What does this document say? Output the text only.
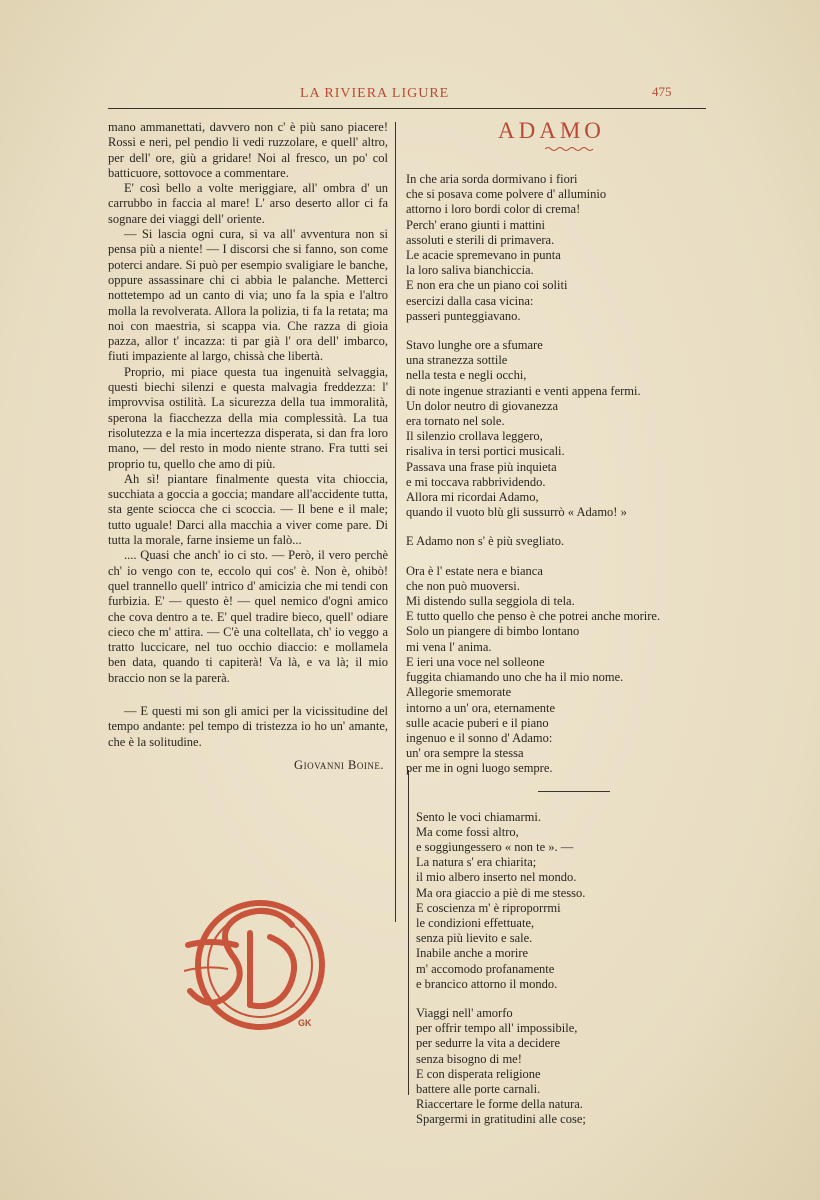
LA RIVIERA LIGURE	475

mano ammanettati, davvero non c' è più sano piacere! Rossi e neri, pel pendio li vedi ruzzolare, e quell' altro, per dell' ore, giù a gridare! Noi al fresco, un po' col batticuore, sottovoce a commentare.

E' così bello a volte meriggiare, all' ombra d' un carrubbo in faccia al mare! L' arso deserto allor ci fa sognare dei viaggi dell' oriente.

— Si lascia ogni cura, si va all' avventura non si pensa più a niente! — I discorsi che si fanno, son come poterci andare. Si può per esempio svaligiare le banche, oppure assassinare chi ci abbia le palanche. Metterci nottetempo ad un canto di via; uno fa la spia e l'altro molla la revolverata. Allora la polizia, ti fa la retata; ma noi con maestria, si scappa via. Che razza di gioia pazza, allor t' incazza: ti par già l' ora dell' imbarco, fiuti impaziente al largo, chissà che libertà.

Proprio, mi piace questa tua ingenuità selvaggia, questi biechi silenzi e questa malvagia freddezza: l' improvvisa ostilità. La sicurezza della tua immoralità, sperona la fiacchezza della mia complessità. La tua risolutezza e la mia incertezza disperata, si dan fra loro mano, — del resto in modo niente strano. Fra tutti sei proprio tu, quello che amo di più.

Ah sì! piantare finalmente questa vita chioccia, succhiata a goccia a goccia; mandare all'accidente tutta, sta gente sciocca che ci scoccia. — Il bene e il male; tutto uguale! Darci alla macchia a viver come pare. Di tutta la morale, farne insieme un falò...

.... Quasi che anch' io ci sto. — Però, il vero perchè ch' io vengo con te, eccolo qui cos' è. Non è, ohibò! quel trannello quell' intrico d' amicizia che mi tendi con furbizia. E' — questo è! — quel nemico d'ogni amico che cova dentro a te. E' quel tradire bieco, quell' odiare cieco che m' attira. — C'è una coltellata, ch' io veggo a tratto luccicare, nel tuo occhio diaccio: e mollamela ben data, quando ti capiterà! Va là, e va là; il mio braccio non se la parerà.

— E questi mi son gli amici per la vicissitudine del tempo andante: pel tempo di tristezza io ho un' amante, che è la solitudine.

Giovanni Boine.
ADAMO
In che aria sorda dormivano i fiori
che si posava come polvere d' alluminio
attorno i loro bordi color di crema!
Perch' erano giunti i mattini
assoluti e sterili di primavera.
Le acacie spremevano in punta
la loro saliva bianchiccia.
E non era che un piano coi soliti
esercizi dalla casa vicina:
passeri punteggiavano.
Stavo lunghe ore a sfumare
una stranezza sottile
nella testa e negli occhi,
di note ingenue strazianti e venti appena fermi.
Un dolor neutro di giovanezza
era tornato nel sole.
Il silenzio crollava leggero,
risaliva in tersi portici musicali.
Passava una frase più inquieta
e mi toccava rabbrividendo.
Allora mi ricordai Adamo,
quando il vuoto blù gli sussurrò « Adamo! »
E Adamo non s' è più svegliato.
Ora è l' estate nera e bianca
che non può muoversi.
Mi distendo sulla seggiola di tela.
E tutto quello che penso è che potrei anche morire.
Solo un piangere di bimbo lontano
mi vena l' anima.
E ieri una voce nel solleone
fuggita chiamando uno che ha il mio nome.
Allegorie smemorate
intorno a un' ora, eternamente
sulle acacie puberi e il piano
ingenuo e il sonno d' Adamo:
un' ora sempre la stessa
per me in ogni luogo sempre.
Sento le voci chiamarmi.
Ma come fossi altro,
e soggiungessero « non te ». —
La natura s' era chiarita;
il mio albero inserto nel mondo.
Ma ora giaccio a piè di me stesso.
E coscienza m' è riproporrmi
le condizioni effettuate,
senza più lievito e sale.
Inabile anche a morire
m' accomodo profanamente
e brancico attorno il mondo.
Viaggi nell' amorfo
per offrir tempo all' impossibile,
per sedurre la vita a decidere
senza bisogno di me!
E con disperata religione
battere alle porte carnali.
Riaccertare le forme della natura.
Spargermi in gratitudini alle cose;
GK
